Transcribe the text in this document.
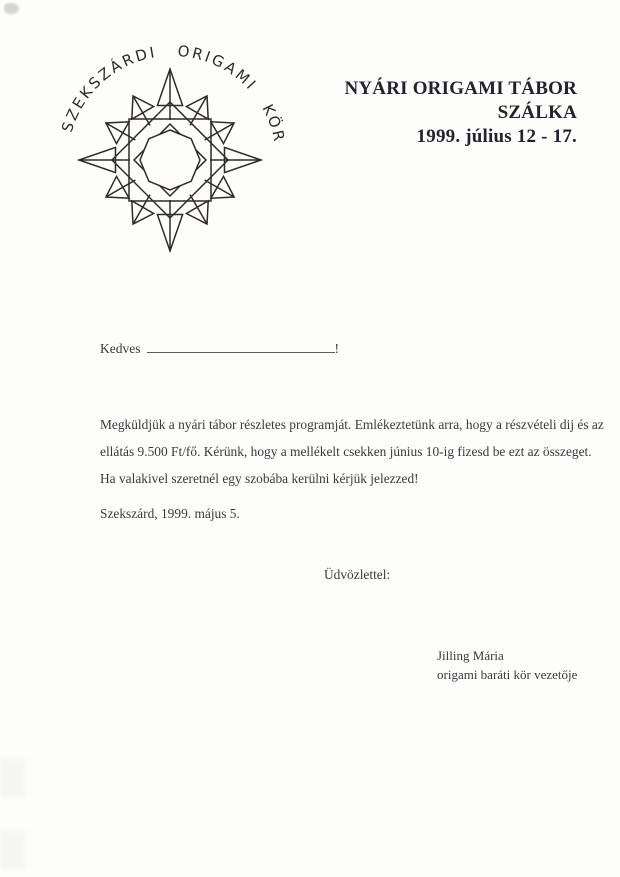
SZEKSZÁRDI ORIGAMI KÖR
NYÁRI ORIGAMI TÁBOR
SZÁLKA
1999. július 12 - 17.
Kedves	!
Megküldjük a nyári tábor részletes programját. Emlékeztetünk arra, hogy a részvételi dij és az
ellátás 9.500 Ft/fő. Kérünk, hogy a mellékelt csekken június 10-ig fizesd be ezt az összeget.
Ha valakivel szeretnél egy szobába kerülni kérjük jelezzed!
Szekszárd, 1999. május 5.
Üdvözlettel:
Jilling Mária
origami baráti kör vezetője
